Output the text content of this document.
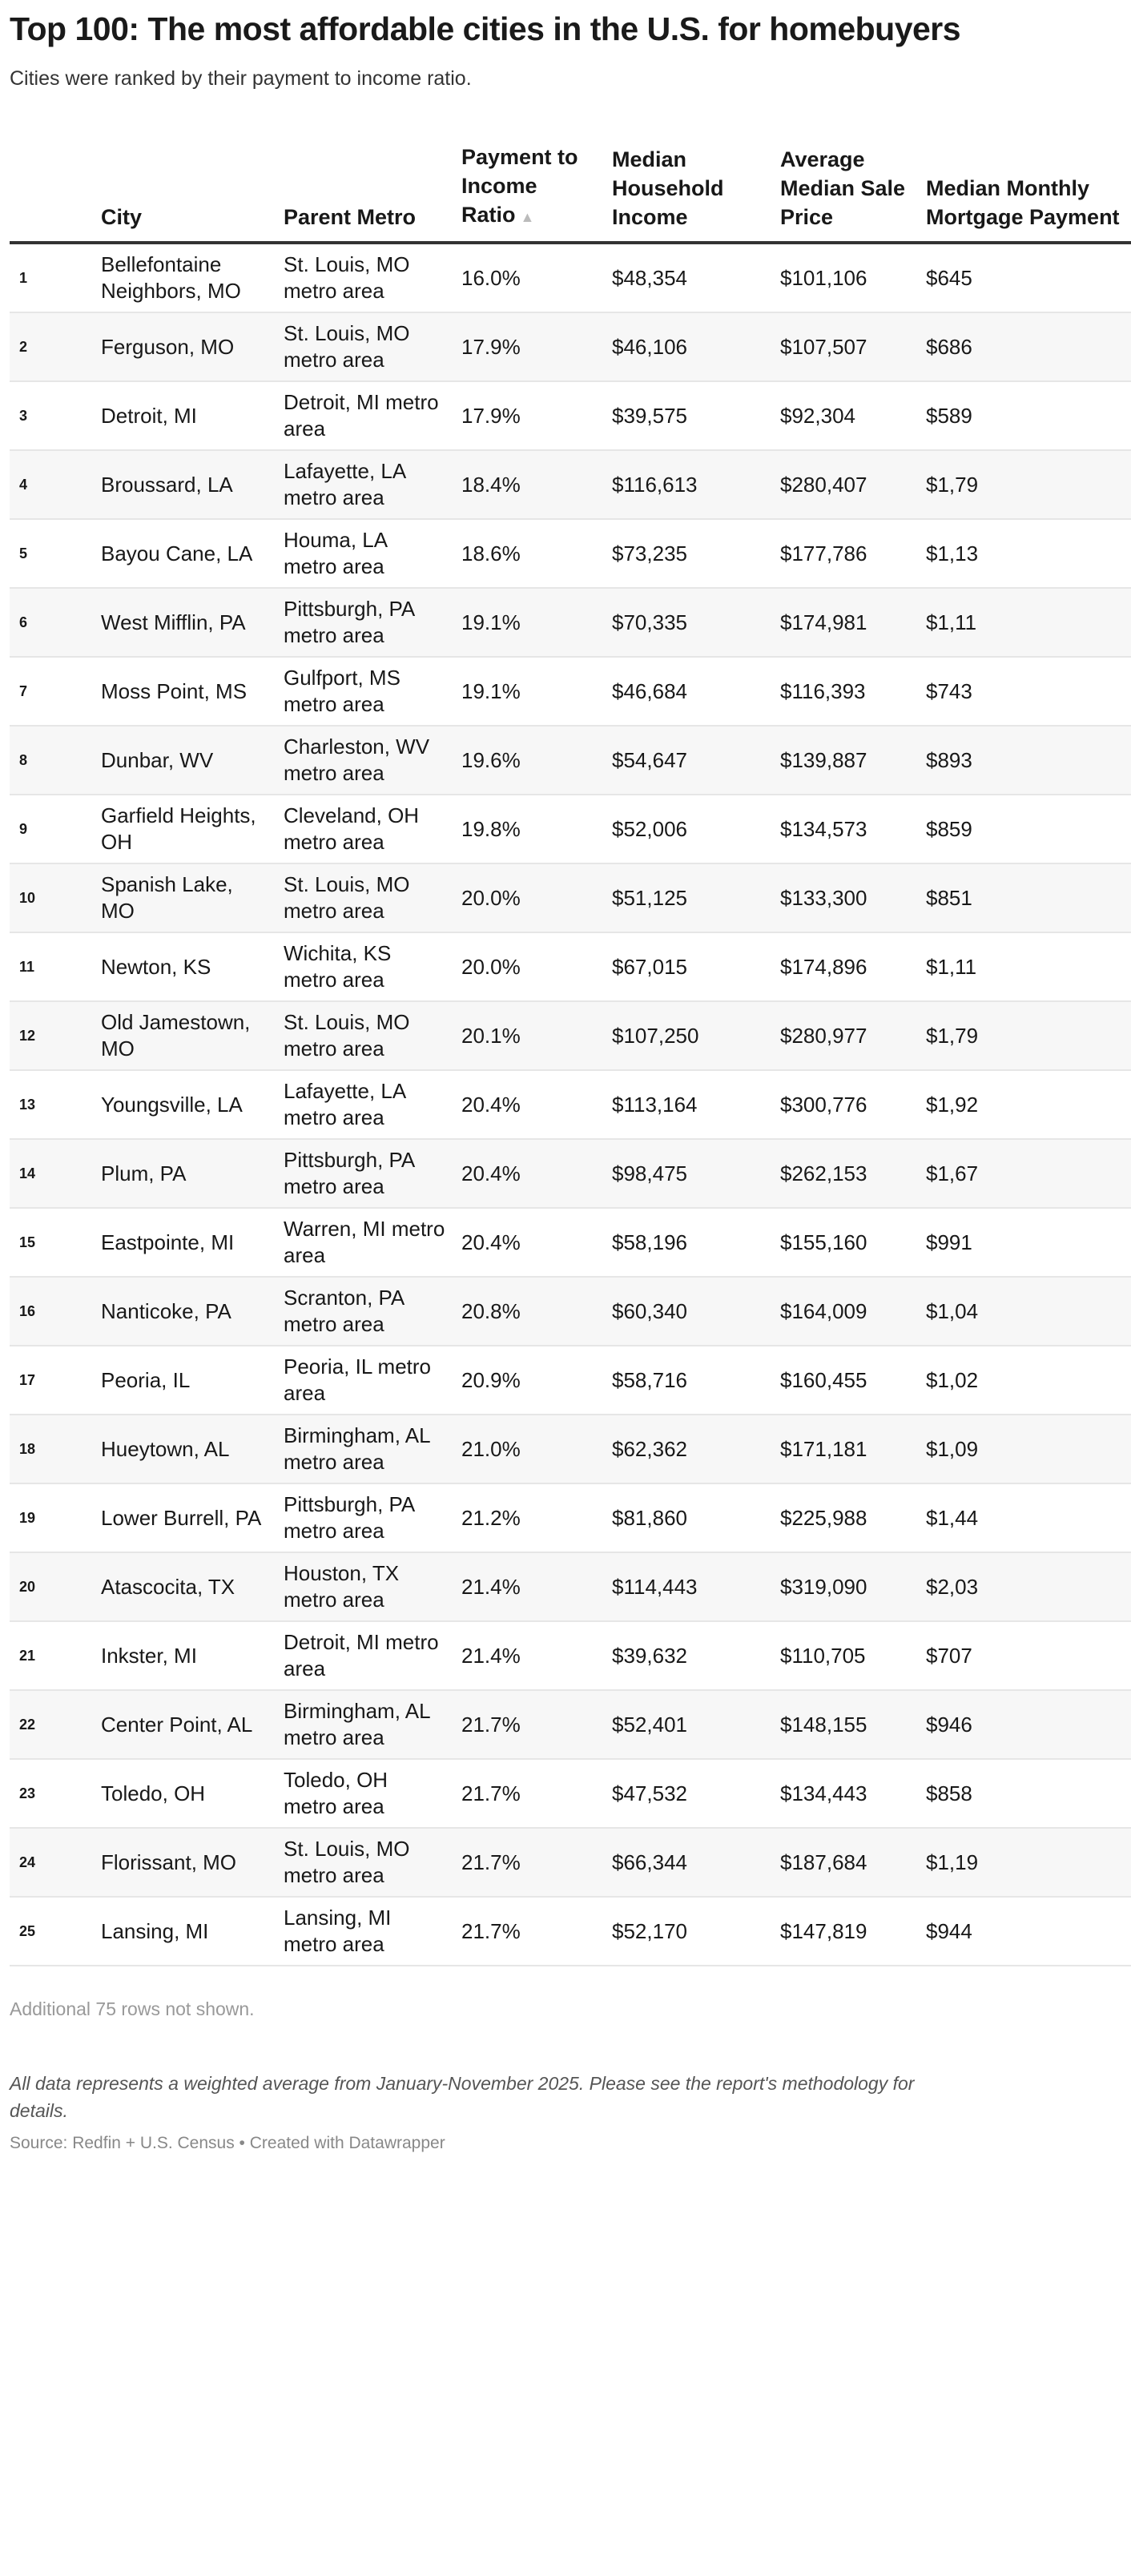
Top 100: The most affordable cities in the U.S. for homebuyers

Cities were ranked by their payment to income ratio.

	City	Parent Metro	Payment to Income Ratio ▲	Median Household Income	Average Median Sale Price	Median Monthly Mortgage Payment
1	Bellefontaine Neighbors, MO	St. Louis, MO metro area	16.0%	$48,354	$101,106	$645
2	Ferguson, MO	St. Louis, MO metro area	17.9%	$46,106	$107,507	$686
3	Detroit, MI	Detroit, MI metro area	17.9%	$39,575	$92,304	$589
4	Broussard, LA	Lafayette, LA metro area	18.4%	$116,613	$280,407	$1,79
5	Bayou Cane, LA	Houma, LA metro area	18.6%	$73,235	$177,786	$1,13
6	West Mifflin, PA	Pittsburgh, PA metro area	19.1%	$70,335	$174,981	$1,11
7	Moss Point, MS	Gulfport, MS metro area	19.1%	$46,684	$116,393	$743
8	Dunbar, WV	Charleston, WV metro area	19.6%	$54,647	$139,887	$893
9	Garfield Heights, OH	Cleveland, OH metro area	19.8%	$52,006	$134,573	$859
10	Spanish Lake, MO	St. Louis, MO metro area	20.0%	$51,125	$133,300	$851
11	Newton, KS	Wichita, KS metro area	20.0%	$67,015	$174,896	$1,11
12	Old Jamestown, MO	St. Louis, MO metro area	20.1%	$107,250	$280,977	$1,79
13	Youngsville, LA	Lafayette, LA metro area	20.4%	$113,164	$300,776	$1,92
14	Plum, PA	Pittsburgh, PA metro area	20.4%	$98,475	$262,153	$1,67
15	Eastpointe, MI	Warren, MI metro area	20.4%	$58,196	$155,160	$991
16	Nanticoke, PA	Scranton, PA metro area	20.8%	$60,340	$164,009	$1,04
17	Peoria, IL	Peoria, IL metro area	20.9%	$58,716	$160,455	$1,02
18	Hueytown, AL	Birmingham, AL metro area	21.0%	$62,362	$171,181	$1,09
19	Lower Burrell, PA	Pittsburgh, PA metro area	21.2%	$81,860	$225,988	$1,44
20	Atascocita, TX	Houston, TX metro area	21.4%	$114,443	$319,090	$2,03
21	Inkster, MI	Detroit, MI metro area	21.4%	$39,632	$110,705	$707
22	Center Point, AL	Birmingham, AL metro area	21.7%	$52,401	$148,155	$946
23	Toledo, OH	Toledo, OH metro area	21.7%	$47,532	$134,443	$858
24	Florissant, MO	St. Louis, MO metro area	21.7%	$66,344	$187,684	$1,19
25	Lansing, MI	Lansing, MI metro area	21.7%	$52,170	$147,819	$944
Additional 75 rows not shown.
All data represents a weighted average from January-November 2025. Please see the report's methodology for details.
Source: Redfin + U.S. Census • Created with Datawrapper
